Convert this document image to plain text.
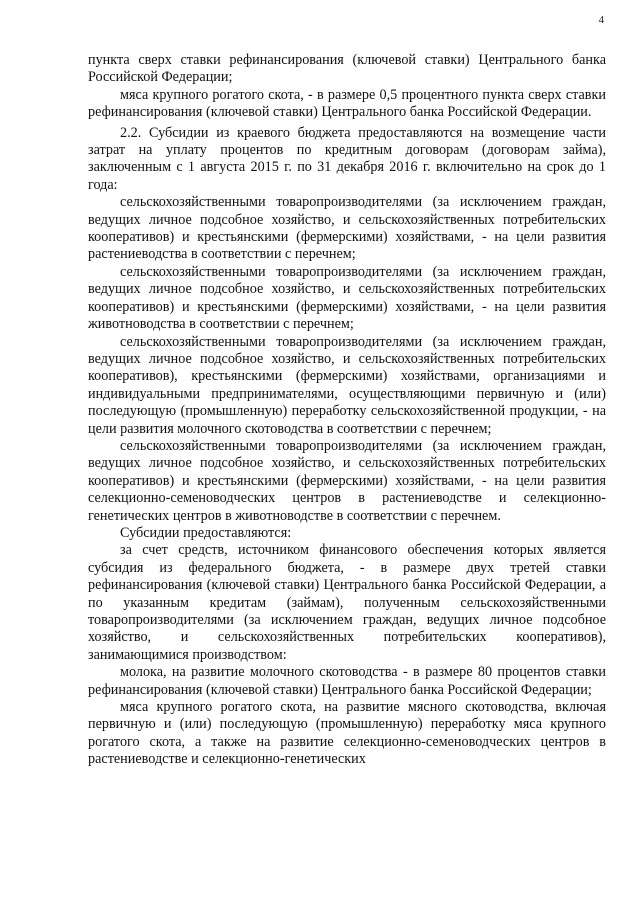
4

пункта сверх ставки рефинансирования (ключевой ставки) Центрального банка Российской Федерации;

мяса крупного рогатого скота, - в размере 0,5 процентного пункта сверх ставки рефинансирования (ключевой ставки) Центрального банка Российской Федерации.

2.2. Субсидии из краевого бюджета предоставляются на возмещение части затрат на уплату процентов по кредитным договорам (договорам займа), заключенным с 1 августа 2015 г. по 31 декабря 2016 г. включительно на срок до 1 года:

сельскохозяйственными товаропроизводителями (за исключением граждан, ведущих личное подсобное хозяйство, и сельскохозяйственных потребительских кооперативов) и крестьянскими (фермерскими) хозяйствами, - на цели развития растениеводства в соответствии с перечнем;

сельскохозяйственными товаропроизводителями (за исключением граждан, ведущих личное подсобное хозяйство, и сельскохозяйственных потребительских кооперативов) и крестьянскими (фермерскими) хозяйствами, - на цели развития животноводства в соответствии с перечнем;

сельскохозяйственными товаропроизводителями (за исключением граждан, ведущих личное подсобное хозяйство, и сельскохозяйственных потребительских кооперативов), крестьянскими (фермерскими) хозяйствами, организациями и индивидуальными предпринимателями, осуществляющими первичную и (или) последующую (промышленную) переработку сельскохозяйственной продукции, - на цели развития молочного скотоводства в соответствии с перечнем;

сельскохозяйственными товаропроизводителями (за исключением граждан, ведущих личное подсобное хозяйство, и сельскохозяйственных потребительских кооперативов) и крестьянскими (фермерскими) хозяйствами, - на цели развития селекционно-семеноводческих центров в растениеводстве и селекционно-генетических центров в животноводстве в соответствии с перечнем.

Субсидии предоставляются:

за счет средств, источником финансового обеспечения которых является субсидия из федерального бюджета, - в размере двух третей ставки рефинансирования (ключевой ставки) Центрального банка Российской Федерации, а по указанным кредитам (займам), полученным сельскохозяйственными товаропроизводителями (за исключением граждан, ведущих личное подсобное хозяйство, и сельскохозяйственных потребительских кооперативов), занимающимися производством:

молока, на развитие молочного скотоводства - в размере 80 процентов ставки рефинансирования (ключевой ставки) Центрального банка Российской Федерации;

мяса крупного рогатого скота, на развитие мясного скотоводства, включая первичную и (или) последующую (промышленную) переработку мяса крупного рогатого скота, а также на развитие селекционно-семеноводческих центров в растениеводстве и селекционно-генетических
